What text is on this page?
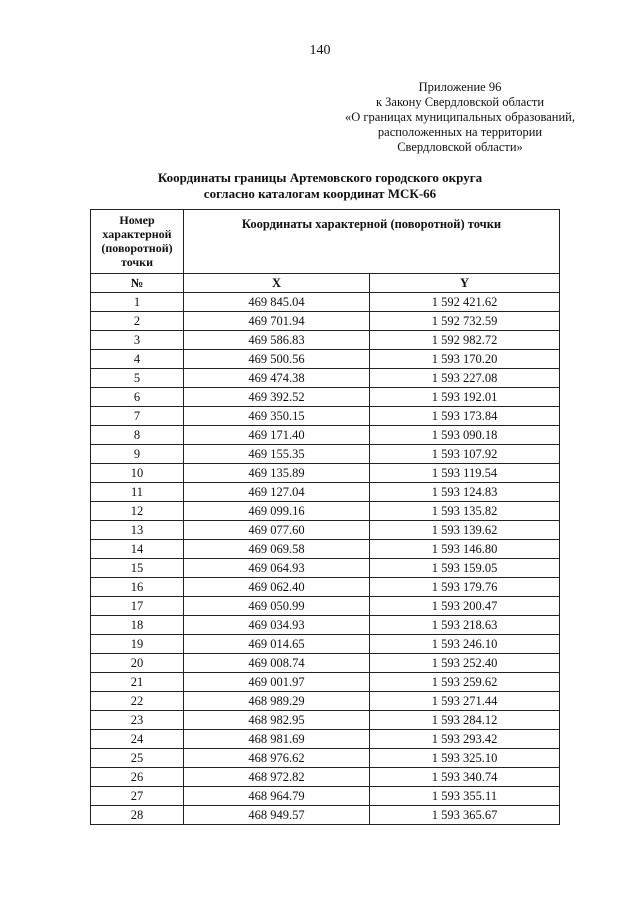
140
Приложение 96
к Закону Свердловской области
«О границах муниципальных образований,
расположенных на территории
Свердловской области»
Координаты границы Артемовского городского округа
согласно каталогам координат МСК-66
Номер характерной (поворотной) точки	Координаты характерной (поворотной) точки	
№	X	Y
1	469 845.04	1 592 421.62
2	469 701.94	1 592 732.59
3	469 586.83	1 592 982.72
4	469 500.56	1 593 170.20
5	469 474.38	1 593 227.08
6	469 392.52	1 593 192.01
7	469 350.15	1 593 173.84
8	469 171.40	1 593 090.18
9	469 155.35	1 593 107.92
10	469 135.89	1 593 119.54
11	469 127.04	1 593 124.83
12	469 099.16	1 593 135.82
13	469 077.60	1 593 139.62
14	469 069.58	1 593 146.80
15	469 064.93	1 593 159.05
16	469 062.40	1 593 179.76
17	469 050.99	1 593 200.47
18	469 034.93	1 593 218.63
19	469 014.65	1 593 246.10
20	469 008.74	1 593 252.40
21	469 001.97	1 593 259.62
22	468 989.29	1 593 271.44
23	468 982.95	1 593 284.12
24	468 981.69	1 593 293.42
25	468 976.62	1 593 325.10
26	468 972.82	1 593 340.74
27	468 964.79	1 593 355.11
28	468 949.57	1 593 365.67
